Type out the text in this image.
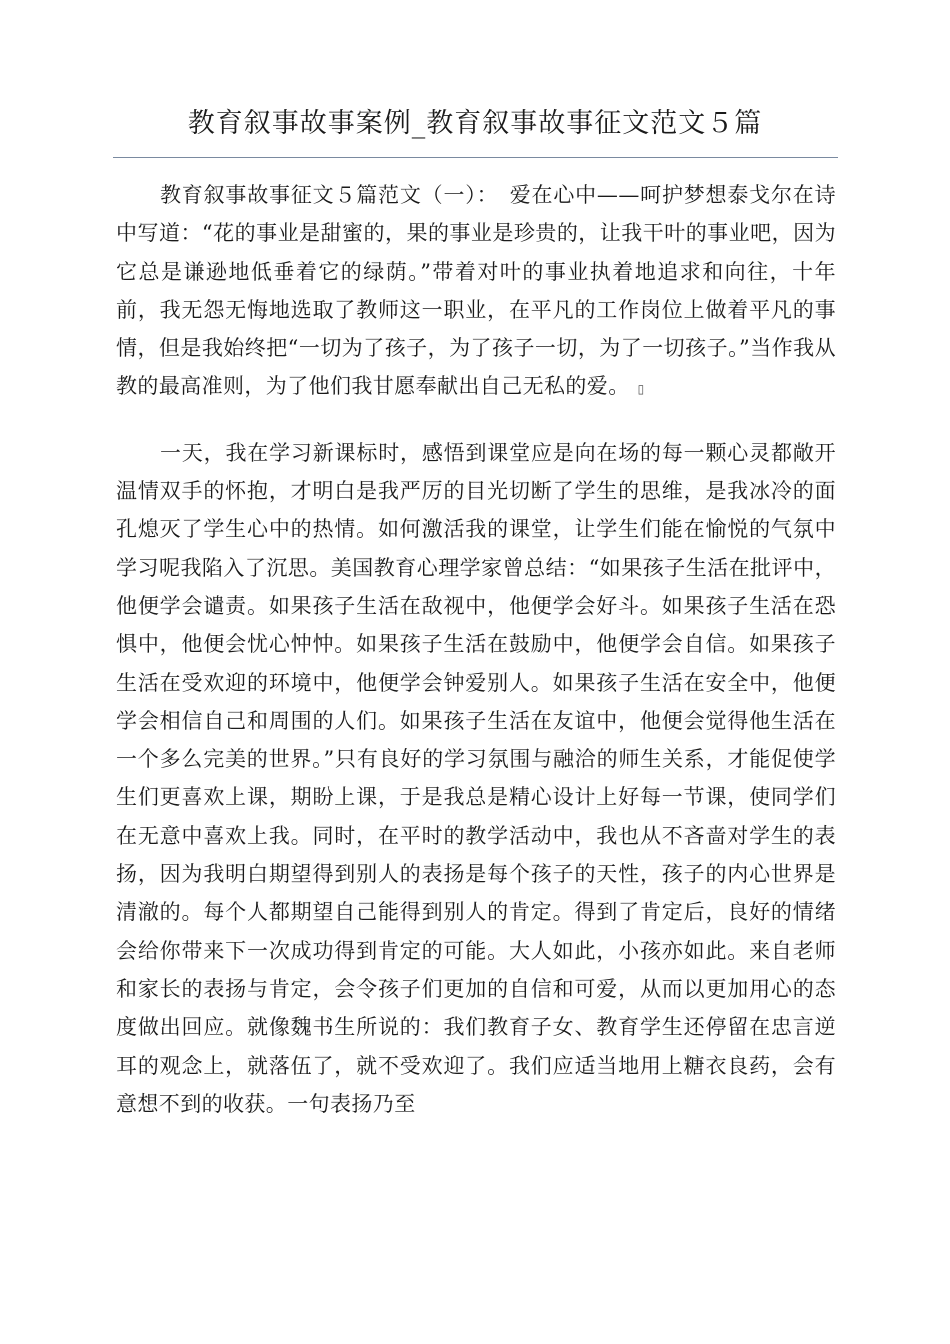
教育叙事故事案例_教育叙事故事征文范文５篇

教育叙事故事征文５篇范文（一）：　爱在心中——呵护梦想泰戈尔在诗中写道：“花的事业是甜蜜的，果的事业是珍贵的，让我干叶的事业吧，因为它总是谦逊地低垂着它的绿荫。”带着对叶的事业执着地追求和向往，十年前，我无怨无悔地选取了教师这一职业，在平凡的工作岗位上做着平凡的事情，但是我始终把“一切为了孩子，为了孩子一切，为了一切孩子。”当作我从教的最高准则，为了他们我甘愿奉献出自己无私的爱。 ▯

一天，我在学习新课标时，感悟到课堂应是向在场的每一颗心灵都敞开温情双手的怀抱，才明白是我严厉的目光切断了学生的思维，是我冰冷的面孔熄灭了学生心中的热情。如何激活我的课堂，让学生们能在愉悦的气氛中学习呢我陷入了沉思。美国教育心理学家曾总结：“如果孩子生活在批评中，他便学会谴责。如果孩子生活在敌视中，他便学会好斗。如果孩子生活在恐惧中，他便会忧心忡忡。如果孩子生活在鼓励中，他便学会自信。如果孩子生活在受欢迎的环境中，他便学会钟爱别人。如果孩子生活在安全中，他便学会相信自己和周围的人们。如果孩子生活在友谊中，他便会觉得他生活在一个多么完美的世界。”只有良好的学习氛围与融洽的师生关系，才能促使学生们更喜欢上课，期盼上课，于是我总是精心设计上好每一节课，使同学们在无意中喜欢上我。同时，在平时的教学活动中，我也从不吝啬对学生的表扬，因为我明白期望得到别人的表扬是每个孩子的天性，孩子的内心世界是清澈的。每个人都期望自己能得到别人的肯定。得到了肯定后，良好的情绪会给你带来下一次成功得到肯定的可能。大人如此，小孩亦如此。来自老师和家长的表扬与肯定，会令孩子们更加的自信和可爱，从而以更加用心的态度做出回应。就像魏书生所说的：我们教育子女、教育学生还停留在忠言逆耳的观念上，就落伍了，就不受欢迎了。我们应适当地用上糖衣良药，会有意想不到的收获。一句表扬乃至
